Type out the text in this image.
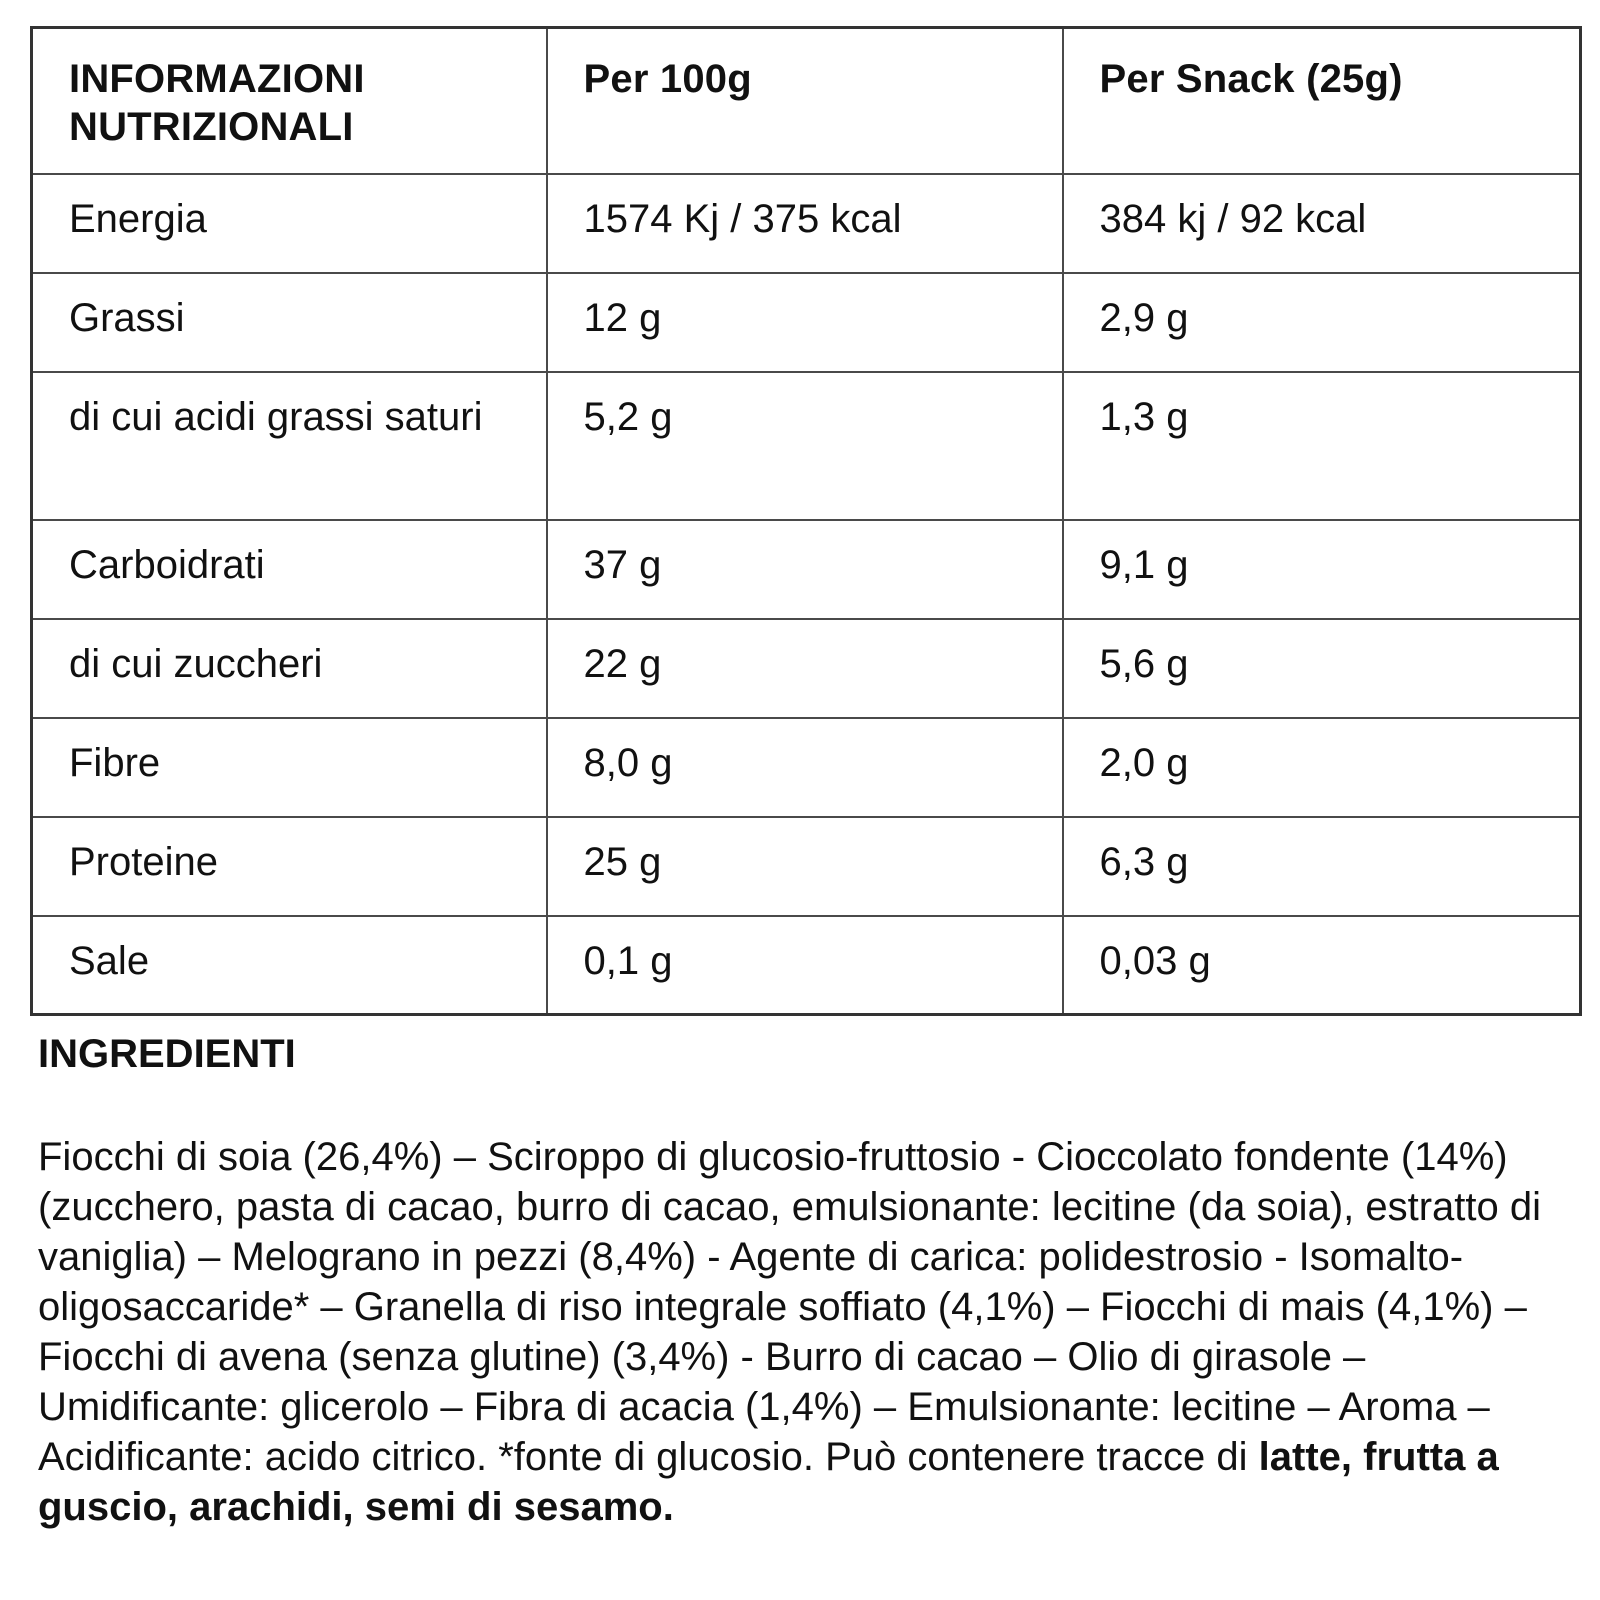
INFORMAZIONI NUTRIZIONALI	Per 100g	Per Snack (25g)
Energia	1574 Kj / 375 kcal	384 kj / 92 kcal
Grassi	12 g	2,9 g
di cui acidi grassi saturi	5,2 g	1,3 g
Carboidrati	37 g	9,1 g
di cui zuccheri	22 g	5,6 g
Fibre	8,0 g	2,0 g
Proteine	25 g	6,3 g
Sale	0,1 g	0,03 g
INGREDIENTI

Fiocchi di soia (26,4%) – Sciroppo di glucosio-fruttosio - Cioccolato fondente (14%) (zucchero, pasta di cacao, burro di cacao, emulsionante: lecitine (da soia), estratto di vaniglia) – Melograno in pezzi (8,4%) - Agente di carica: polidestrosio - Isomalto-oligosaccaride* – Granella di riso integrale soffiato (4,1%) – Fiocchi di mais (4,1%) – Fiocchi di avena (senza glutine) (3,4%) - Burro di cacao – Olio di girasole – Umidificante: glicerolo – Fibra di acacia (1,4%) – Emulsionante: lecitine – Aroma – Acidificante: acido citrico. *fonte di glucosio. Può contenere tracce di latte, frutta a guscio, arachidi, semi di sesamo.
